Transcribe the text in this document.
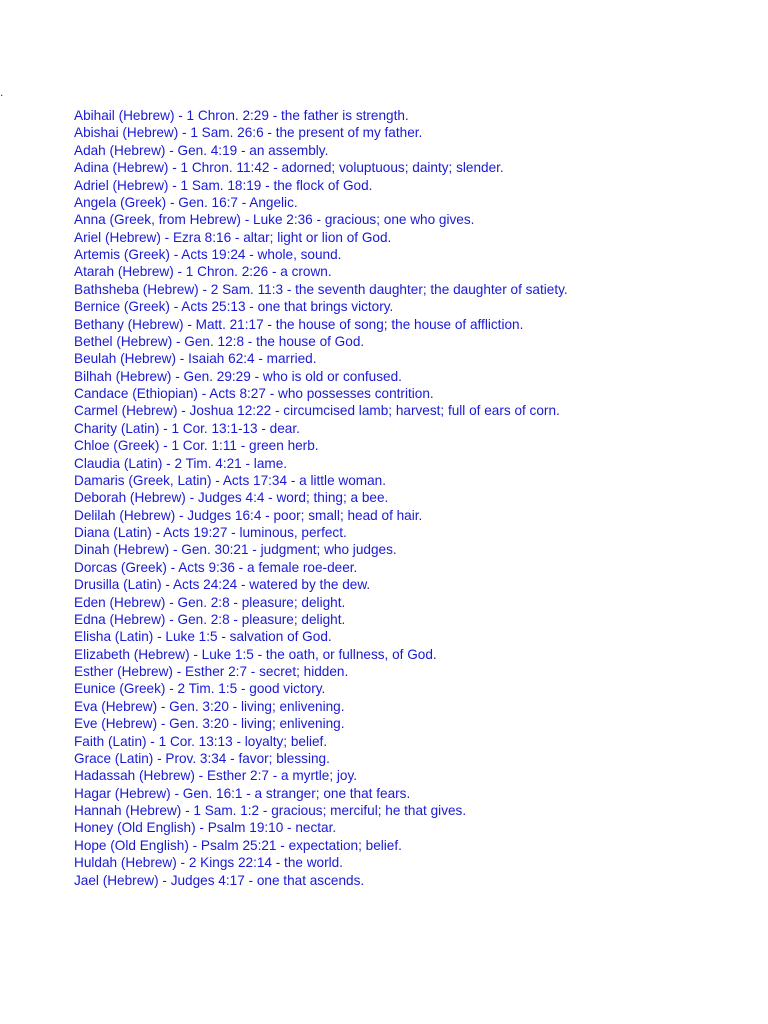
.
Abihail (Hebrew) - 1 Chron. 2:29 - the father is strength.
Abishai (Hebrew) - 1 Sam. 26:6 - the present of my father.
Adah (Hebrew) - Gen. 4:19 - an assembly.
Adina (Hebrew) - 1 Chron. 11:42 - adorned; voluptuous; dainty; slender.
Adriel (Hebrew) - 1 Sam. 18:19 - the flock of God.
Angela (Greek) - Gen. 16:7 - Angelic.
Anna (Greek, from Hebrew) - Luke 2:36 - gracious; one who gives.
Ariel (Hebrew) - Ezra 8:16 - altar; light or lion of God.
Artemis (Greek) - Acts 19:24 - whole, sound.
Atarah (Hebrew) - 1 Chron. 2:26 - a crown.
Bathsheba (Hebrew) - 2 Sam. 11:3 - the seventh daughter; the daughter of satiety.
Bernice (Greek) - Acts 25:13 - one that brings victory.
Bethany (Hebrew) - Matt. 21:17 - the house of song; the house of affliction.
Bethel (Hebrew) - Gen. 12:8 - the house of God.
Beulah (Hebrew) - Isaiah 62:4 - married.
Bilhah (Hebrew) - Gen. 29:29 - who is old or confused.
Candace (Ethiopian) - Acts 8:27 - who possesses contrition.
Carmel (Hebrew) - Joshua 12:22 - circumcised lamb; harvest; full of ears of corn.
Charity (Latin) - 1 Cor. 13:1-13 - dear.
Chloe (Greek) - 1 Cor. 1:11 - green herb.
Claudia (Latin) - 2 Tim. 4:21 - lame.
Damaris (Greek, Latin) - Acts 17:34 - a little woman.
Deborah (Hebrew) - Judges 4:4 - word; thing; a bee.
Delilah (Hebrew) - Judges 16:4 - poor; small; head of hair.
Diana (Latin) - Acts 19:27 - luminous, perfect.
Dinah (Hebrew) - Gen. 30:21 - judgment; who judges.
Dorcas (Greek) - Acts 9:36 - a female roe-deer.
Drusilla (Latin) - Acts 24:24 - watered by the dew.
Eden (Hebrew) - Gen. 2:8 - pleasure; delight.
Edna (Hebrew) - Gen. 2:8 - pleasure; delight.
Elisha (Latin) - Luke 1:5 - salvation of God.
Elizabeth (Hebrew) - Luke 1:5 - the oath, or fullness, of God.
Esther (Hebrew) - Esther 2:7 - secret; hidden.
Eunice (Greek) - 2 Tim. 1:5 - good victory.
Eva (Hebrew) - Gen. 3:20 - living; enlivening.
Eve (Hebrew) - Gen. 3:20 - living; enlivening.
Faith (Latin) - 1 Cor. 13:13 - loyalty; belief.
Grace (Latin) - Prov. 3:34 - favor; blessing.
Hadassah (Hebrew) - Esther 2:7 - a myrtle; joy.
Hagar (Hebrew) - Gen. 16:1 - a stranger; one that fears.
Hannah (Hebrew) - 1 Sam. 1:2 - gracious; merciful; he that gives.
Honey (Old English) - Psalm 19:10 - nectar.
Hope (Old English) - Psalm 25:21 - expectation; belief.
Huldah (Hebrew) - 2 Kings 22:14 - the world.
Jael (Hebrew) - Judges 4:17 - one that ascends.
